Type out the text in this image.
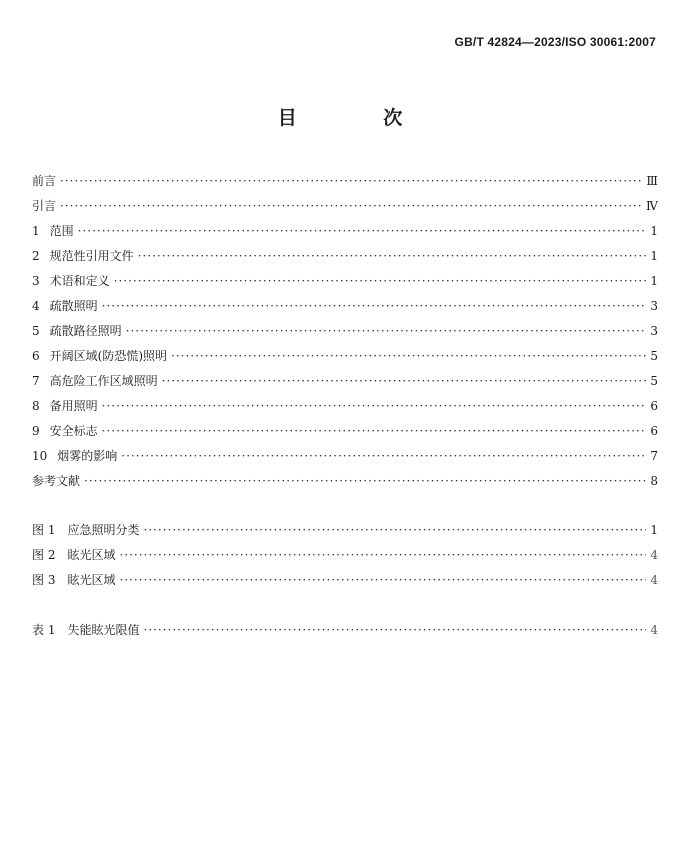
GB/T 42824—2023/ISO 30061:2007
目 次
前言 ·····	Ⅲ
引言 ·····	Ⅳ
1 范围 ·····	1
2 规范性引用文件 ·····	1
3 术语和定义 ·····	1
4 疏散照明 ·····	3
5 疏散路径照明 ·····	3
6 开阔区域(防恐慌)照明 ·····	5
7 高危险工作区域照明 ·····	5
8 备用照明 ·····	6
9 安全标志 ·····	6
10 烟雾的影响 ·····	7
参考文献 ·····	8
图 1 应急照明分类 ·····	1
图 2 眩光区域 ·····	4
图 3 眩光区域 ·····	4
表 1 失能眩光限值 ·····	4
